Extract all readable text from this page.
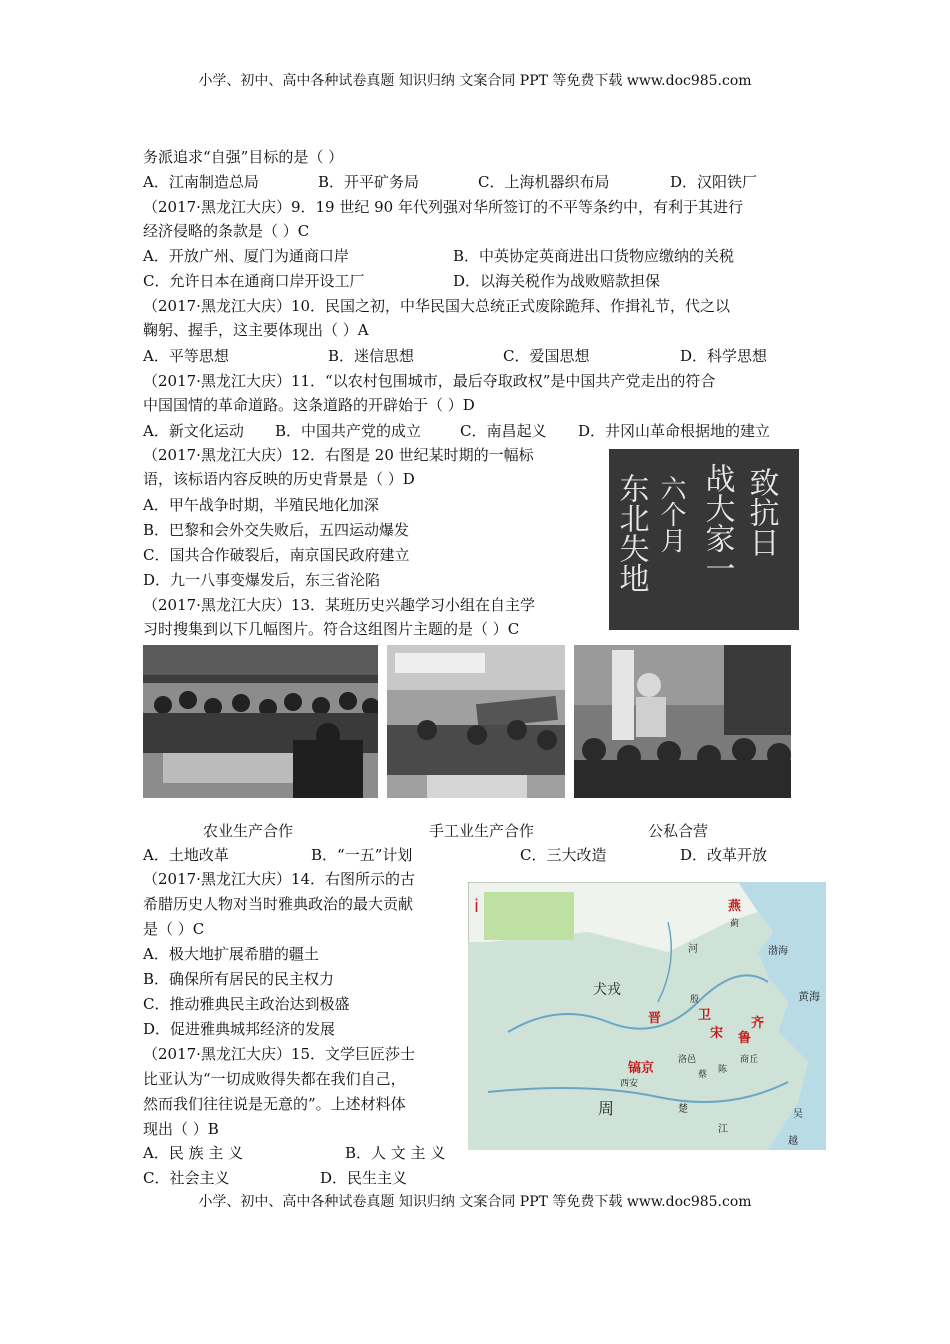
小学、初中、高中各种试卷真题 知识归纳 文案合同 PPT 等免费下载 www.doc985.com
务派追求“自强”目标的是（ ）
A．江南制造总局	B．开平矿务局	C．上海机器织布局	D．汉阳铁厂
（2017·黑龙江大庆）9．19 世纪 90 年代列强对华所签订的不平等条约中，有利于其进行
经济侵略的条款是（ ）C
A．开放广州、厦门为通商口岸	B．中英协定英商进出口货物应缴纳的关税
C．允许日本在通商口岸开设工厂	D．以海关税作为战败赔款担保
（2017·黑龙江大庆）10．民国之初，中华民国大总统正式废除跪拜、作揖礼节，代之以
鞠躬、握手，这主要体现出（ ）A
A．平等思想	B．迷信思想	C．爱国思想	D．科学思想
（2017·黑龙江大庆）11．“以农村包围城市，最后夺取政权”是中国共产党走出的符合
中国国情的革命道路。这条道路的开辟始于（ ）D
A．新文化运动 B．中国共产党的成立	C．南昌起义 D．井冈山革命根据地的建立
（2017·黑龙江大庆）12．右图是 20 世纪某时期的一幅标
语，该标语内容反映的历史背景是（ ）D
A．甲午战争时期，半殖民地化加深
B．巴黎和会外交失败后，五四运动爆发
C．国共合作破裂后，南京国民政府建立
D．九一八事变爆发后，东三省沦陷
致抗日
战大家一
六个月
东北失地
（2017·黑龙江大庆）13．某班历史兴趣学习小组在自主学
习时搜集到以下几幅图片。符合这组图片主题的是（ ）C
农业生产合作	手工业生产合作	公私合营
A．土地改革	B．“一五”计划	C．三大改造	D．改革开放
（2017·黑龙江大庆）14．右图所示的古
希腊历史人物对当时雅典政治的最大贡献
是（ ）C
A．极大地扩展希腊的疆土
B．确保所有居民的民主权力
C．推动雅典民主政治达到极盛
D．促进雅典城邦经济的发展
i	燕
蓟
渤海
黄海
犬戎
晋	卫
宋
齐
鲁
镐京
西安
周	楚	吴
越
河
江
商丘
洛邑
殷
蔡 陈
（2017·黑龙江大庆）15．文学巨匠莎士
比亚认为“一切成败得失都在我们自己，
然而我们往往说是无意的”。上述材料体
现出（ ）B
A．民 族 主 义	B．人 文 主 义
C．社会主义	D．民生主义
小学、初中、高中各种试卷真题 知识归纳 文案合同 PPT 等免费下载 www.doc985.com
